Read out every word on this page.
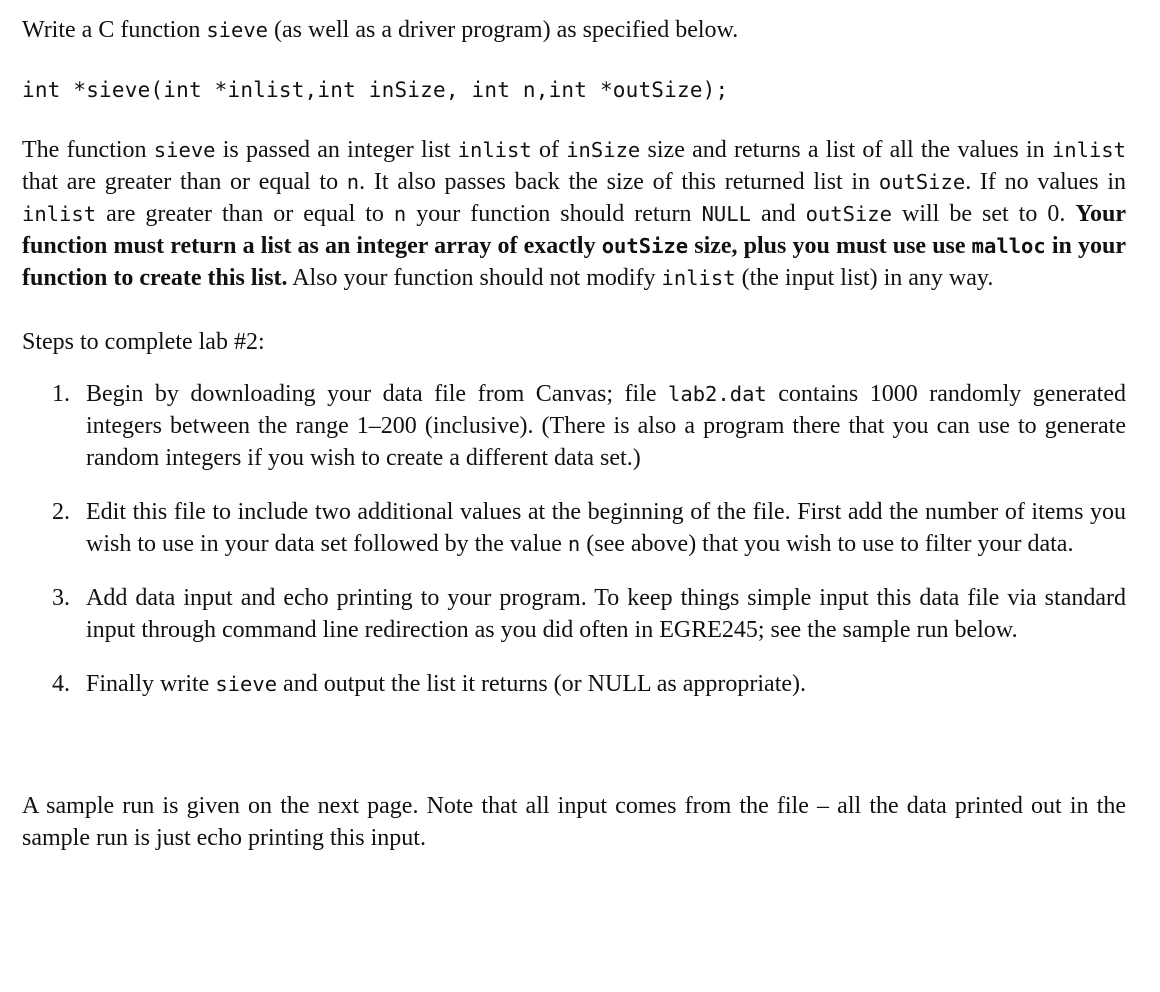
Write a C function sieve (as well as a driver program) as specified below.

int *sieve(int *inlist,int inSize, int n,int *outSize);

The function sieve is passed an integer list inlist of inSize size and returns a list of all the values in inlist that are greater than or equal to n. It also passes back the size of this returned list in outSize. If no values in inlist are greater than or equal to n your function should return NULL and outSize will be set to 0. Your function must return a list as an integer array of exactly outSize size, plus you must use use malloc in your function to create this list. Also your function should not modify inlist (the input list) in any way.

Steps to complete lab #2:

1. Begin by downloading your data file from Canvas; file lab2.dat contains 1000 randomly generated integers between the range 1–200 (inclusive). (There is also a program there that you can use to generate random integers if you wish to create a different data set.)
2. Edit this file to include two additional values at the beginning of the file. First add the number of items you wish to use in your data set followed by the value n (see above) that you wish to use to filter your data.
3. Add data input and echo printing to your program. To keep things simple input this data file via standard input through command line redirection as you did often in EGRE245; see the sample run below.
4. Finally write sieve and output the list it returns (or NULL as appropriate).

A sample run is given on the next page. Note that all input comes from the file – all the data printed out in the sample run is just echo printing this input.
